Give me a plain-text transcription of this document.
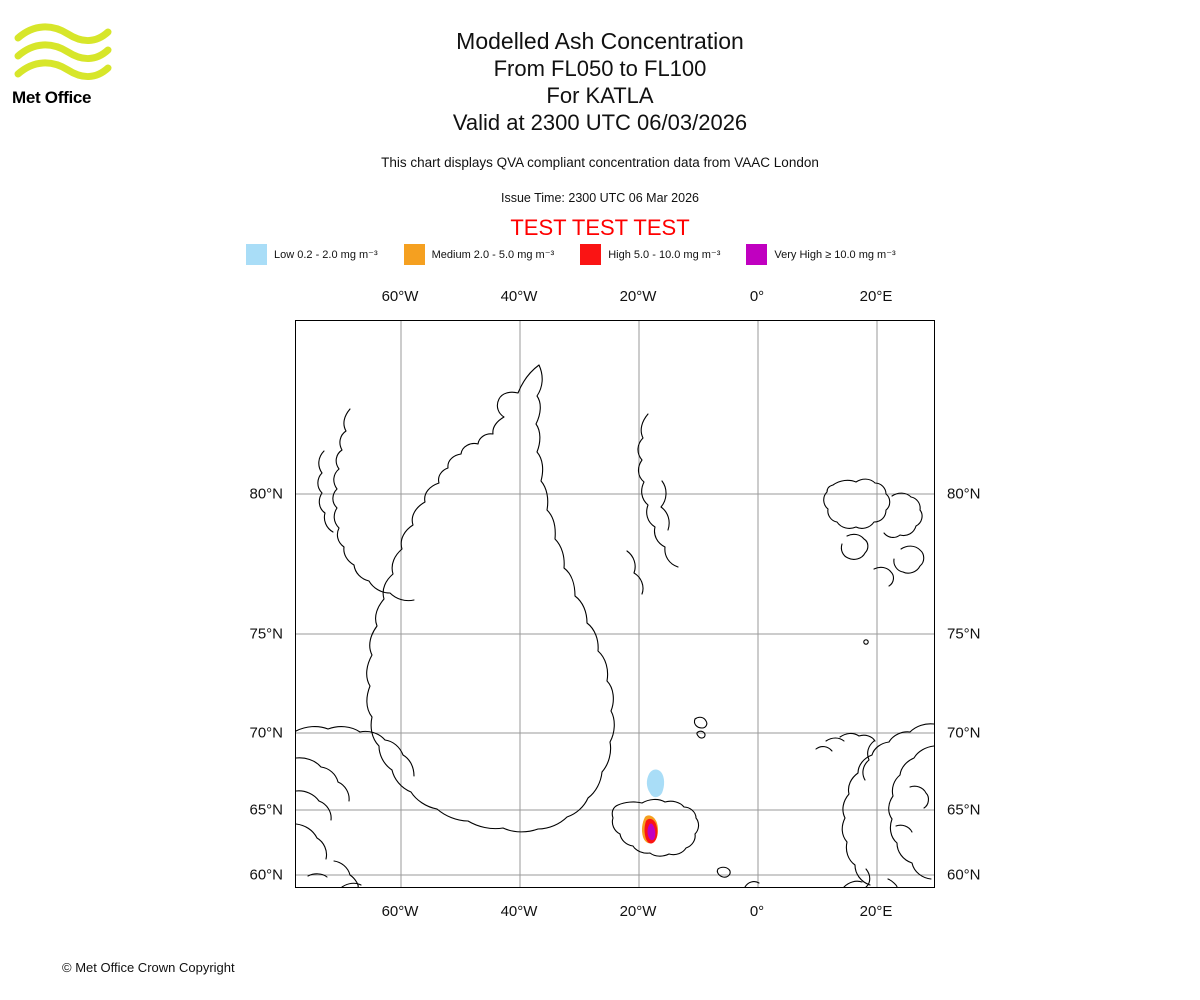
Met Office
Modelled Ash Concentration
From FL050 to FL100
For KATLA
Valid at 2300 UTC 06/03/2026
This chart displays QVA compliant concentration data from VAAC London
Issue Time: 2300 UTC 06 Mar 2026
TEST TEST TEST
Low 0.2 - 2.0 mg m⁻³	Medium 2.0 - 5.0 mg m⁻³	High 5.0 - 10.0 mg m⁻³	Very High ≥ 10.0 mg m⁻³
60°W	40°W	20°W	0°	20°E
60°W	40°W	20°W	0°	20°E
60°N
65°N
70°N
75°N
80°N
60°N
65°N
70°N
75°N
80°N
© Met Office Crown Copyright
